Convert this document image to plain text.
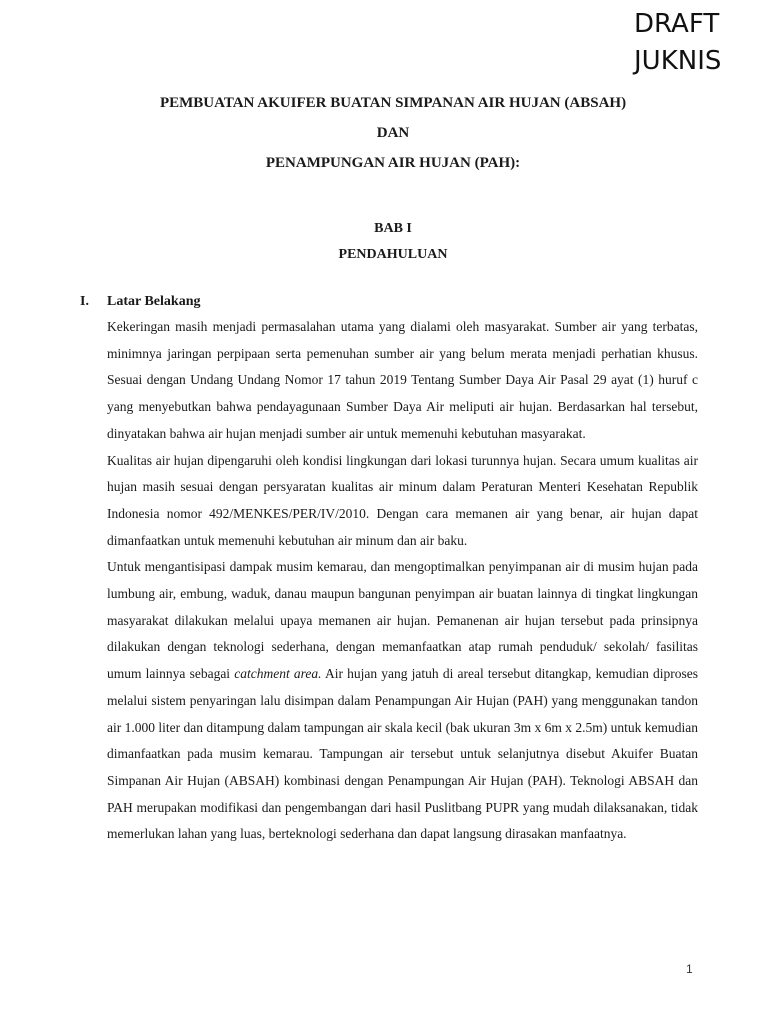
DRAFT
JUKNIS
PEMBUATAN AKUIFER BUATAN SIMPANAN AIR HUJAN (ABSAH)
DAN
PENAMPUNGAN AIR HUJAN (PAH):
BAB I
PENDAHULUAN
I. Latar Belakang

Kekeringan masih menjadi permasalahan utama yang dialami oleh masyarakat. Sumber air yang terbatas, minimnya jaringan perpipaan serta pemenuhan sumber air yang belum merata menjadi perhatian khusus. Sesuai dengan Undang Undang Nomor 17 tahun 2019 Tentang Sumber Daya Air Pasal 29 ayat (1) huruf c yang menyebutkan bahwa pendayagunaan Sumber Daya Air meliputi air hujan. Berdasarkan hal tersebut, dinyatakan bahwa air hujan menjadi sumber air untuk memenuhi kebutuhan masyarakat.

Kualitas air hujan dipengaruhi oleh kondisi lingkungan dari lokasi turunnya hujan. Secara umum kualitas air hujan masih sesuai dengan persyaratan kualitas air minum dalam Peraturan Menteri Kesehatan Republik Indonesia nomor 492/MENKES/PER/IV/2010. Dengan cara memanen air yang benar, air hujan dapat dimanfaatkan untuk memenuhi kebutuhan air minum dan air baku.

Untuk mengantisipasi dampak musim kemarau, dan mengoptimalkan penyimpanan air di musim hujan pada lumbung air, embung, waduk, danau maupun bangunan penyimpan air buatan lainnya di tingkat lingkungan masyarakat dilakukan melalui upaya memanen air hujan. Pemanenan air hujan tersebut pada prinsipnya dilakukan dengan teknologi sederhana, dengan memanfaatkan atap rumah penduduk/ sekolah/ fasilitas umum lainnya sebagai catchment area. Air hujan yang jatuh di areal tersebut ditangkap, kemudian diproses melalui sistem penyaringan lalu disimpan dalam Penampungan Air Hujan (PAH) yang menggunakan tandon air 1.000 liter dan ditampung dalam tampungan air skala kecil (bak ukuran 3m x 6m x 2.5m) untuk kemudian dimanfaatkan pada musim kemarau. Tampungan air tersebut untuk selanjutnya disebut Akuifer Buatan Simpanan Air Hujan (ABSAH) kombinasi dengan Penampungan Air Hujan (PAH). Teknologi ABSAH dan PAH merupakan modifikasi dan pengembangan dari hasil Puslitbang PUPR yang mudah dilaksanakan, tidak memerlukan lahan yang luas, berteknologi sederhana dan dapat langsung dirasakan manfaatnya.

1
